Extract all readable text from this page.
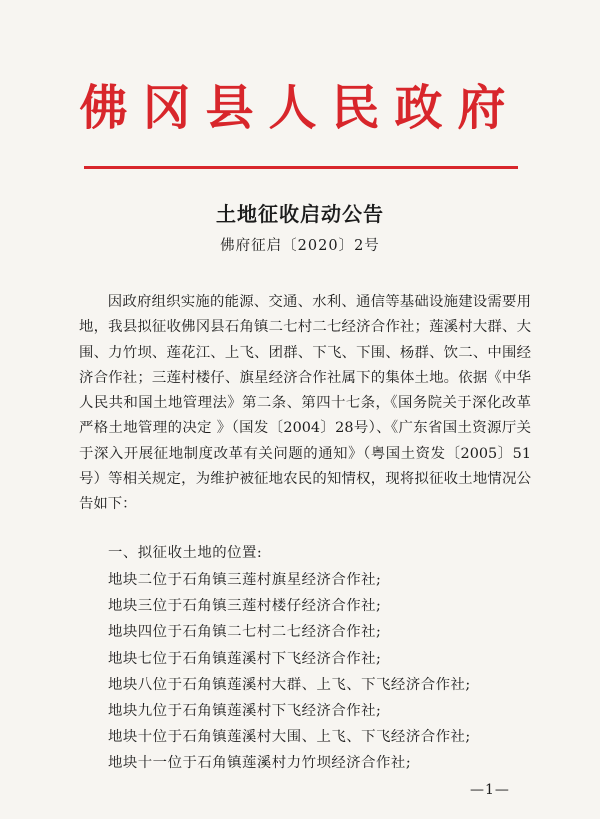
佛冈县人民政府
土地征收启动公告
佛府征启〔2020〕2号

因政府组织实施的能源、交通、水利、通信等基础设施建设需要用地，我县拟征收佛冈县石角镇二七村二七经济合作社；莲溪村大群、大围、力竹坝、莲花江、上飞、团群、下飞、下围、杨群、饮二、中围经济合作社；三莲村楼仔、旗星经济合作社属下的集体土地。依据《中华人民共和国土地管理法》第二条、第四十七条，《国务院关于深化改革严格土地管理的决定 》（国发〔2004〕28号）、《广东省国土资源厅关于深入开展征地制度改革有关问题的通知》（粤国土资发〔2005〕51号）等相关规定，为维护被征地农民的知情权，现将拟征收土地情况公告如下：

一、拟征收土地的位置:
地块二位于石角镇三莲村旗星经济合作社;
地块三位于石角镇三莲村楼仔经济合作社;
地块四位于石角镇二七村二七经济合作社;
地块七位于石角镇莲溪村下飞经济合作社;
地块八位于石角镇莲溪村大群、上飞、下飞经济合作社;
地块九位于石角镇莲溪村下飞经济合作社;
地块十位于石角镇莲溪村大围、上飞、下飞经济合作社;
地块十一位于石角镇莲溪村力竹坝经济合作社;
—1—
